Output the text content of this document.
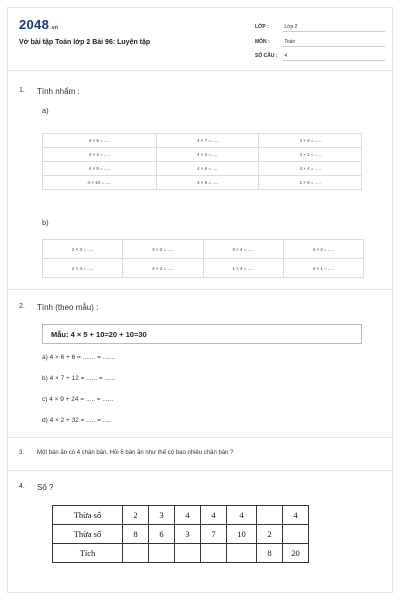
2048.vn
Vở bài tập Toán lớp 2 Bài 96: Luyện tập
LỚP :	Lớp 2
MÔN :	Toán
SỐ CÂU : 4
1. Tính nhẩm :
a)
4 × 5 = .....	4 × 7 = .....	4 × 9 = .....
4 × 3 = .....	4 × 2 = .....	4 × 1 = .....
4 × 8 = .....	4 × 6 = .....	4 × 4 = .....
4 × 10 = .....	3 × 9 = .....	2 × 9 = .....
b)
2 × 3 = .....	3 × 2 = .....	3 × 4 = .....	4 × 3 = .....
2 × 4 = .....	4 × 2 = .....	1 × 4 = .....	4 × 1 = .....
2. Tính (theo mẫu) :
Mẫu: 4 × 5 + 10=20 + 10=30
a) 4 × 6 + 6 = ....... = .......
b) 4 × 7 + 12 = ...... = ......
c) 4 × 9 + 24 = ..... = ......
d) 4 × 2 + 32 = ..... = .....
3. Một bàn ăn có 4 chân bàn. Hỏi 6 bàn ăn như thế có bao nhiêu chân bàn ?
4. Số ?
Thừa số	2	3	4	4	4		4
Thừa số	8	6	3	7	10	2	
Tích						8	20
